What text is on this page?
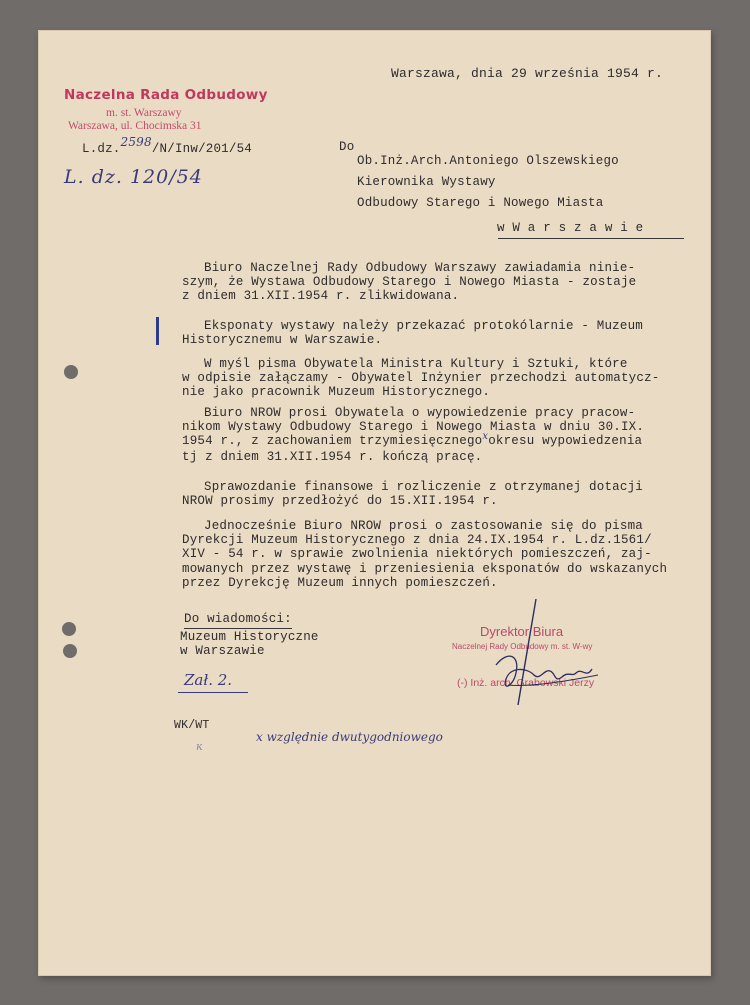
Naczelna Rada Odbudowy
m. st. Warszawy
Warszawa, ul. Chocimska 31
Warszawa, dnia 29 września 1954 r.
L.dz.2598/N/Inw/201/54
L. dz. 120/54
Do
Ob.Inż.Arch.Antoniego Olszewskiego
Kierownika Wystawy
Odbudowy Starego i Nowego Miasta
w W a r s z a w i e
Biuro Naczelnej Rady Odbudowy Warszawy zawiadamia ninie-
szym, że Wystawa Odbudowy Starego i Nowego Miasta - zostaje
z dniem 31.XII.1954 r. zlikwidowana.
Eksponaty wystawy należy przekazać protokólarnie - Muzeum
Historycznemu w Warszawie.
W myśl pisma Obywatela Ministra Kultury i Sztuki, które
w odpisie załączamy - Obywatel Inżynier przechodzi automatycz-
nie jako pracownik Muzeum Historycznego.
Biuro NROW prosi Obywatela o wypowiedzenie pracy pracow-
nikom Wystawy Odbudowy Starego i Nowego Miasta w dniu 30.IX.
1954 r., z zachowaniem trzymiesięcznego$^x$okresu wypowiedzenia
tj z dniem 31.XII.1954 r. kończą pracę.
Sprawozdanie finansowe i rozliczenie z otrzymanej dotacji
NROW prosimy przedłożyć do 15.XII.1954 r.
Jednocześnie Biuro NROW prosi o zastosowanie się do pisma
Dyrekcji Muzeum Historycznego z dnia 24.IX.1954 r. L.dz.1561/
XIV - 54 r. w sprawie zwolnienia niektórych pomieszczeń, zaj-
mowanych przez wystawę i przeniesienia eksponatów do wskazanych
przez Dyrekcję Muzeum innych pomieszczeń.
Do wiadomości:
Muzeum Historyczne
w Warszawie
Zał. 2.
WK/WT
ĸ
x względnie dwutygodniowego
Dyrektor Biura
Naczelnej Rady Odbudowy m. st. W-wy
(-) Inż. arch. Grabowski Jerzy
